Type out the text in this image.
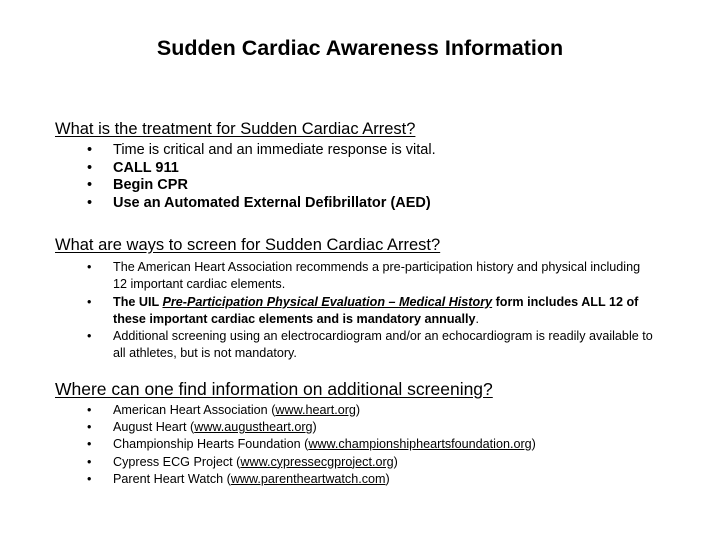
Sudden Cardiac Awareness Information
What is the treatment for Sudden Cardiac Arrest?
•
Time is critical and an immediate response is vital.
•
CALL 911
•
Begin CPR
•
Use an Automated External Defibrillator (AED)
What are ways to screen for Sudden Cardiac Arrest?
•
The American Heart Association recommends a pre-participation history and physical including 12 important cardiac elements.
•
The UIL Pre-Participation Physical Evaluation – Medical History form includes ALL 12 of these important cardiac elements and is mandatory annually.
•
Additional screening using an electrocardiogram and/or an echocardiogram is readily available to all athletes, but is not mandatory.
Where can one find information on additional screening?
•
American Heart Association (www.heart.org)
•
August Heart (www.augustheart.org)
•
Championship Hearts Foundation (www.championshipheartsfoundation.org)
•
Cypress ECG Project (www.cypressecgproject.org)
•
Parent Heart Watch (www.parentheartwatch.com)
